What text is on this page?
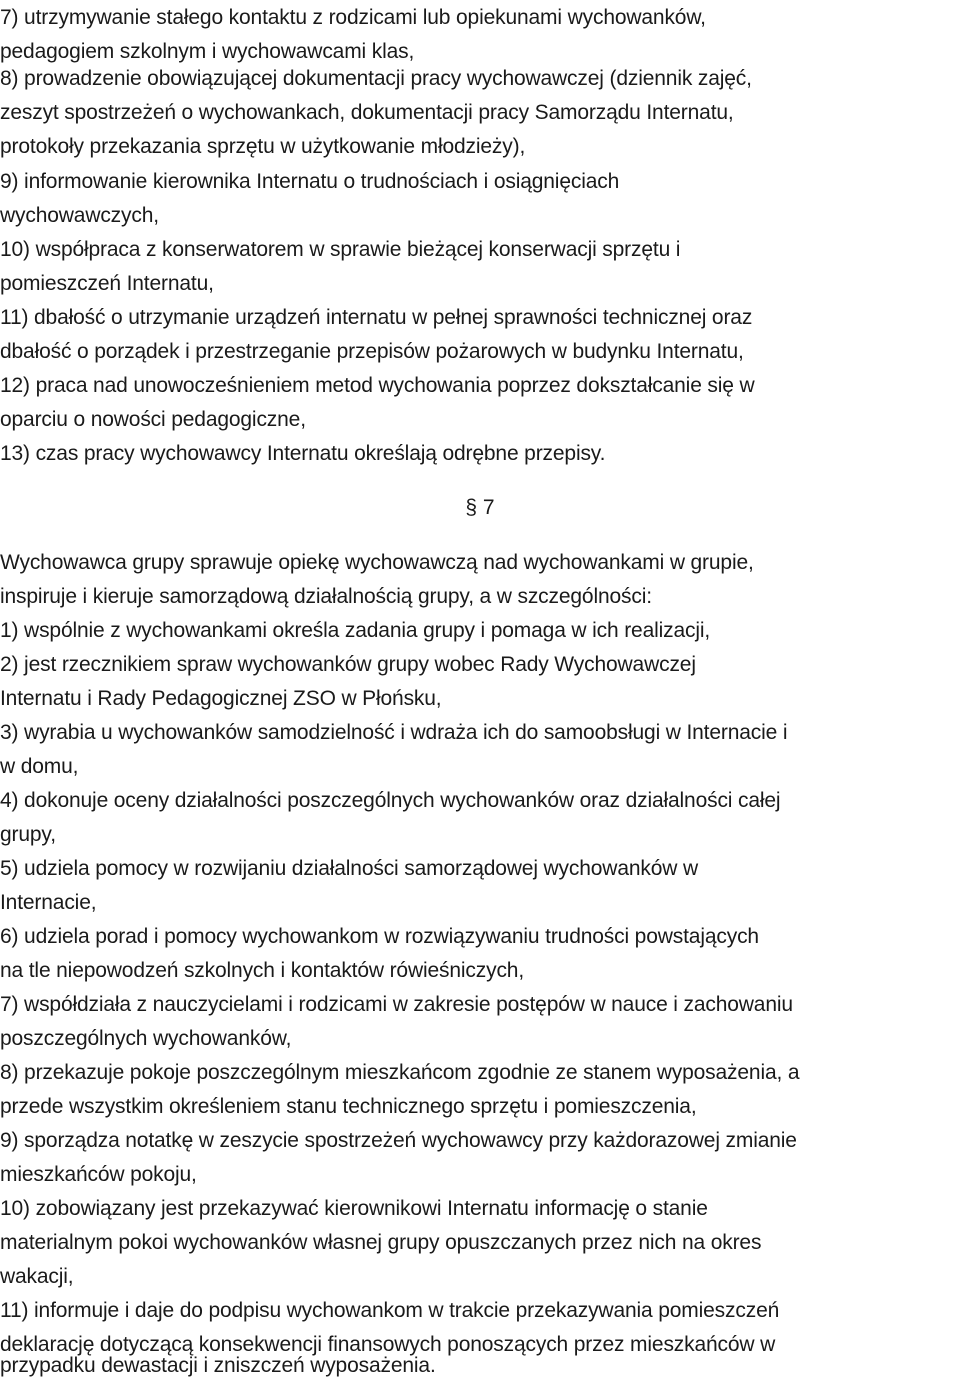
7) utrzymywanie stałego kontaktu z rodzicami lub opiekunami wychowanków,
pedagogiem szkolnym i wychowawcami klas,
8) prowadzenie obowiązującej dokumentacji pracy wychowawczej (dziennik zajęć,
zeszyt spostrzeżeń o wychowankach, dokumentacji pracy Samorządu Internatu,
protokoły przekazania sprzętu w użytkowanie młodzieży),
9) informowanie kierownika Internatu o trudnościach i osiągnięciach
wychowawczych,
10) współpraca z konserwatorem w sprawie bieżącej konserwacji sprzętu i
pomieszczeń Internatu,
11) dbałość o utrzymanie urządzeń internatu w pełnej sprawności technicznej oraz
dbałość o porządek i przestrzeganie przepisów pożarowych w budynku Internatu,
12) praca nad unowocześnieniem metod wychowania poprzez dokształcanie się w
oparciu o nowości pedagogiczne,
13) czas pracy wychowawcy Internatu określają odrębne przepisy.
§ 7
Wychowawca grupy sprawuje opiekę wychowawczą nad wychowankami w grupie,
inspiruje i kieruje samorządową działalnością grupy, a w szczególności:
1) wspólnie z wychowankami określa zadania grupy i pomaga w ich realizacji,
2) jest rzecznikiem spraw wychowanków grupy wobec Rady Wychowawczej
Internatu i Rady Pedagogicznej ZSO w Płońsku,
3) wyrabia u wychowanków samodzielność i wdraża ich do samoobsługi w Internacie i
w domu,
4) dokonuje oceny działalności poszczególnych wychowanków oraz działalności całej
grupy,
5) udziela pomocy w rozwijaniu działalności samorządowej wychowanków w
Internacie,
6) udziela porad i pomocy wychowankom w rozwiązywaniu trudności powstających
na tle niepowodzeń szkolnych i kontaktów rówieśniczych,
7) współdziała z nauczycielami i rodzicami w zakresie postępów w nauce i zachowaniu
poszczególnych wychowanków,
8) przekazuje pokoje poszczególnym mieszkańcom zgodnie ze stanem wyposażenia, a
przede wszystkim określeniem stanu technicznego sprzętu i pomieszczenia,
9) sporządza notatkę w zeszycie spostrzeżeń wychowawcy przy każdorazowej zmianie
mieszkańców pokoju,
10) zobowiązany jest przekazywać kierownikowi Internatu informację o stanie
materialnym pokoi wychowanków własnej grupy opuszczanych przez nich na okres
wakacji,
11) informuje i daje do podpisu wychowankom w trakcie przekazywania pomieszczeń
deklarację dotyczącą konsekwencji finansowych ponoszących przez mieszkańców w
przypadku dewastacji i zniszczeń wyposażenia.
